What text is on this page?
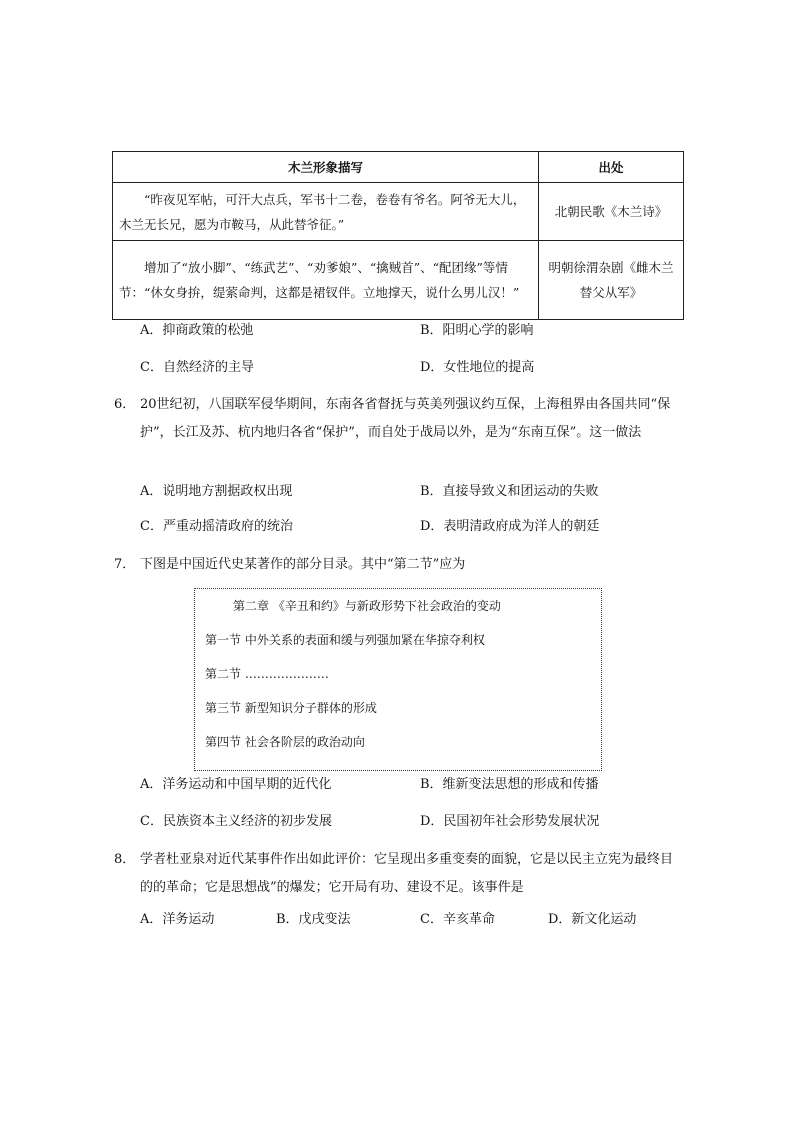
木兰形象描写	出处
“昨夜见军帖，可汗大点兵，军书十二卷，卷卷有爷名。阿爷无大儿，木兰无长兄，愿为市鞍马，从此替爷征。”	北朝民歌《木兰诗》
增加了“放小脚”、“练武艺”、“劝爹娘”、“擒贼首”、“配团缘”等情节：“休女身拚，缇萦命判，这都是裙钗伴。立地撑天，说什么男儿汉！”	明朝徐渭杂剧《雌木兰替父从军》
A．抑商政策的松弛	B．阳明心学的影响
C．自然经济的主导	D．女性地位的提高
6． 20世纪初，八国联军侵华期间，东南各省督抚与英美列强议约互保，上海租界由各国共同“保护”，长江及苏、杭内地归各省“保护”，而自处于战局以外，是为“东南互保”。这一做法
A．说明地方割据政权出现	B．直接导致义和团运动的失败
C．严重动摇清政府的统治	D．表明清政府成为洋人的朝廷
7． 下图是中国近代史某著作的部分目录。其中“第二节”应为
第二章 《辛丑和约》与新政形势下社会政治的变动
第一节 中外关系的表面和缓与列强加紧在华掠夺利权
第二节 …………………
第三节 新型知识分子群体的形成
第四节 社会各阶层的政治动向
A．洋务运动和中国早期的近代化	B．维新变法思想的形成和传播
C．民族资本主义经济的初步发展	D．民国初年社会形势发展状况
8． 学者杜亚泉对近代某事件作出如此评价：它呈现出多重变奏的面貌，它是以民主立宪为最终目的的革命；它是思想战”的爆发；它开局有功、建设不足。该事件是
A．洋务运动	B．戊戌变法	C．辛亥革命	D．新文化运动
